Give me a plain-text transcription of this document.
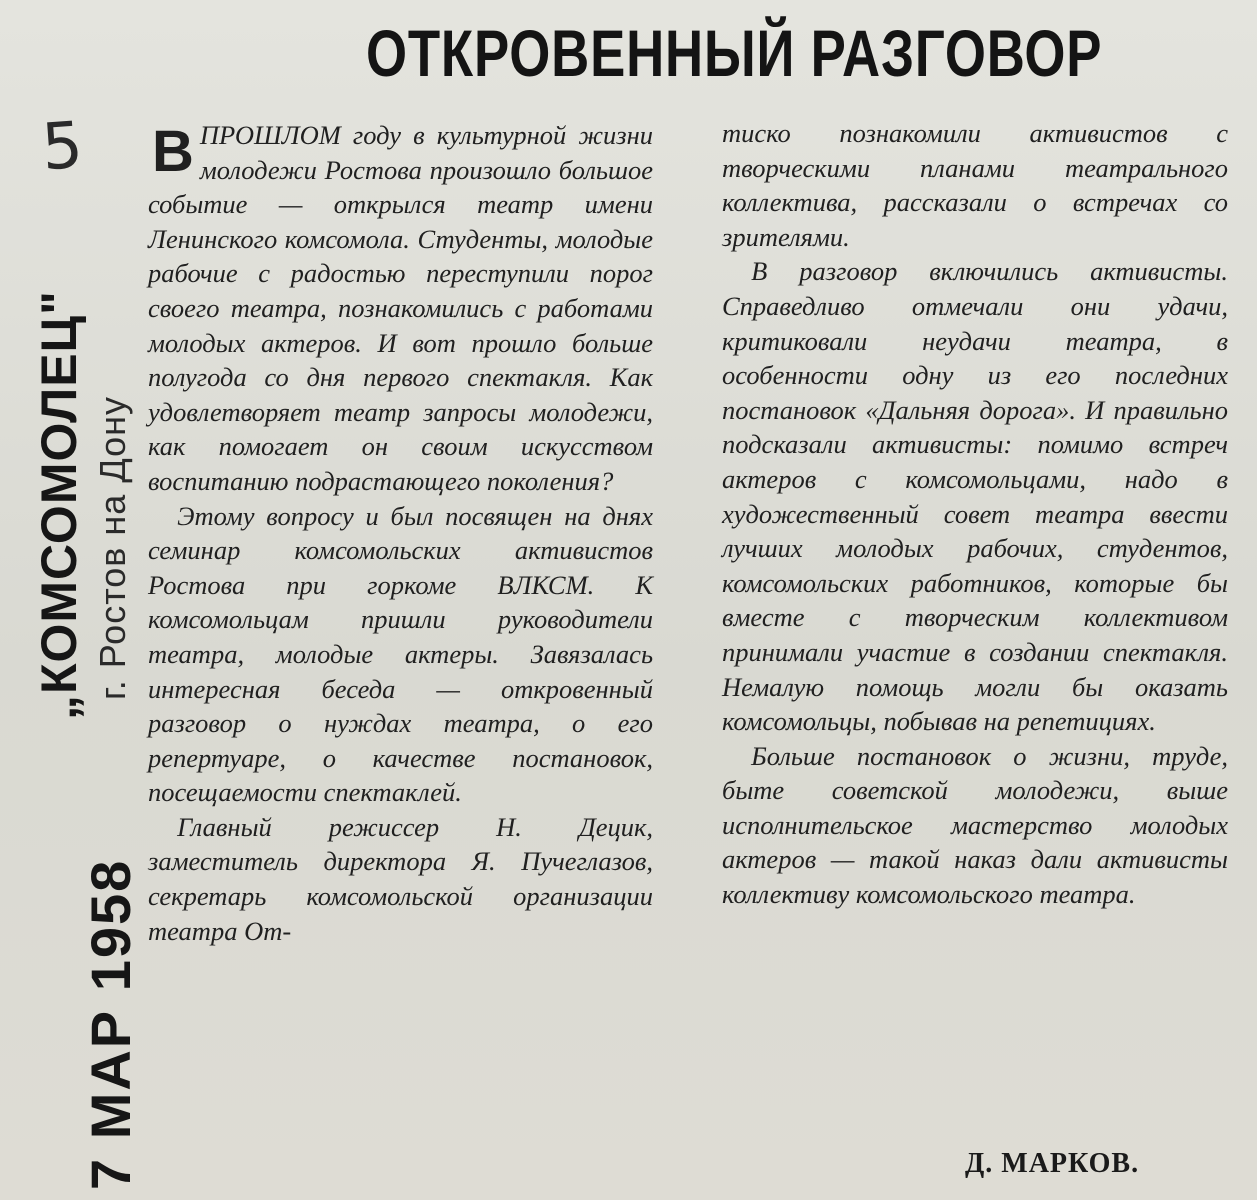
ОТКРОВЕННЫЙ РАЗГОВОР
5
„КОМСОМОЛЕЦ" г. Ростов на Дону
7 МАР 1958

ВПРОШЛОМ году в культурной жизни молодежи Ростова произошло большое событие — открылся театр имени Ленинского комсомола. Студенты, молодые рабочие с радостью переступили порог своего театра, познакомились с работами молодых актеров. И вот прошло больше полугода со дня первого спектакля. Как удовлетворяет театр запросы молодежи, как помогает он своим искусством воспитанию подрастающего поколения?

Этому вопросу и был посвящен на днях семинар комсомольских активистов Ростова при горкоме ВЛКСМ. К комсомольцам пришли руководители театра, молодые актеры. Завязалась интересная беседа — откровенный разговор о нуждах театра, о его репертуаре, о качестве постановок, посещаемости спектаклей.

Главный режиссер Н. Децик, заместитель директора Я. Пучеглазов, секретарь комсомольской организации театра От-

тиско познакомили активистов с творческими планами театрального коллектива, рассказали о встречах со зрителями.

В разговор включились активисты. Справедливо отмечали они удачи, критиковали неудачи театра, в особенности одну из его последних постановок «Дальняя дорога». И правильно подсказали активисты: помимо встреч актеров с комсомольцами, надо в художественный совет театра ввести лучших молодых рабочих, студентов, комсомольских работников, которые бы вместе с творческим коллективом принимали участие в создании спектакля. Немалую помощь могли бы оказать комсомольцы, побывав на репетициях.

Больше постановок о жизни, труде, быте советской молодежи, выше исполнительское мастерство молодых актеров — такой наказ дали активисты коллективу комсомольского театра.

Д. МАРКОВ.
